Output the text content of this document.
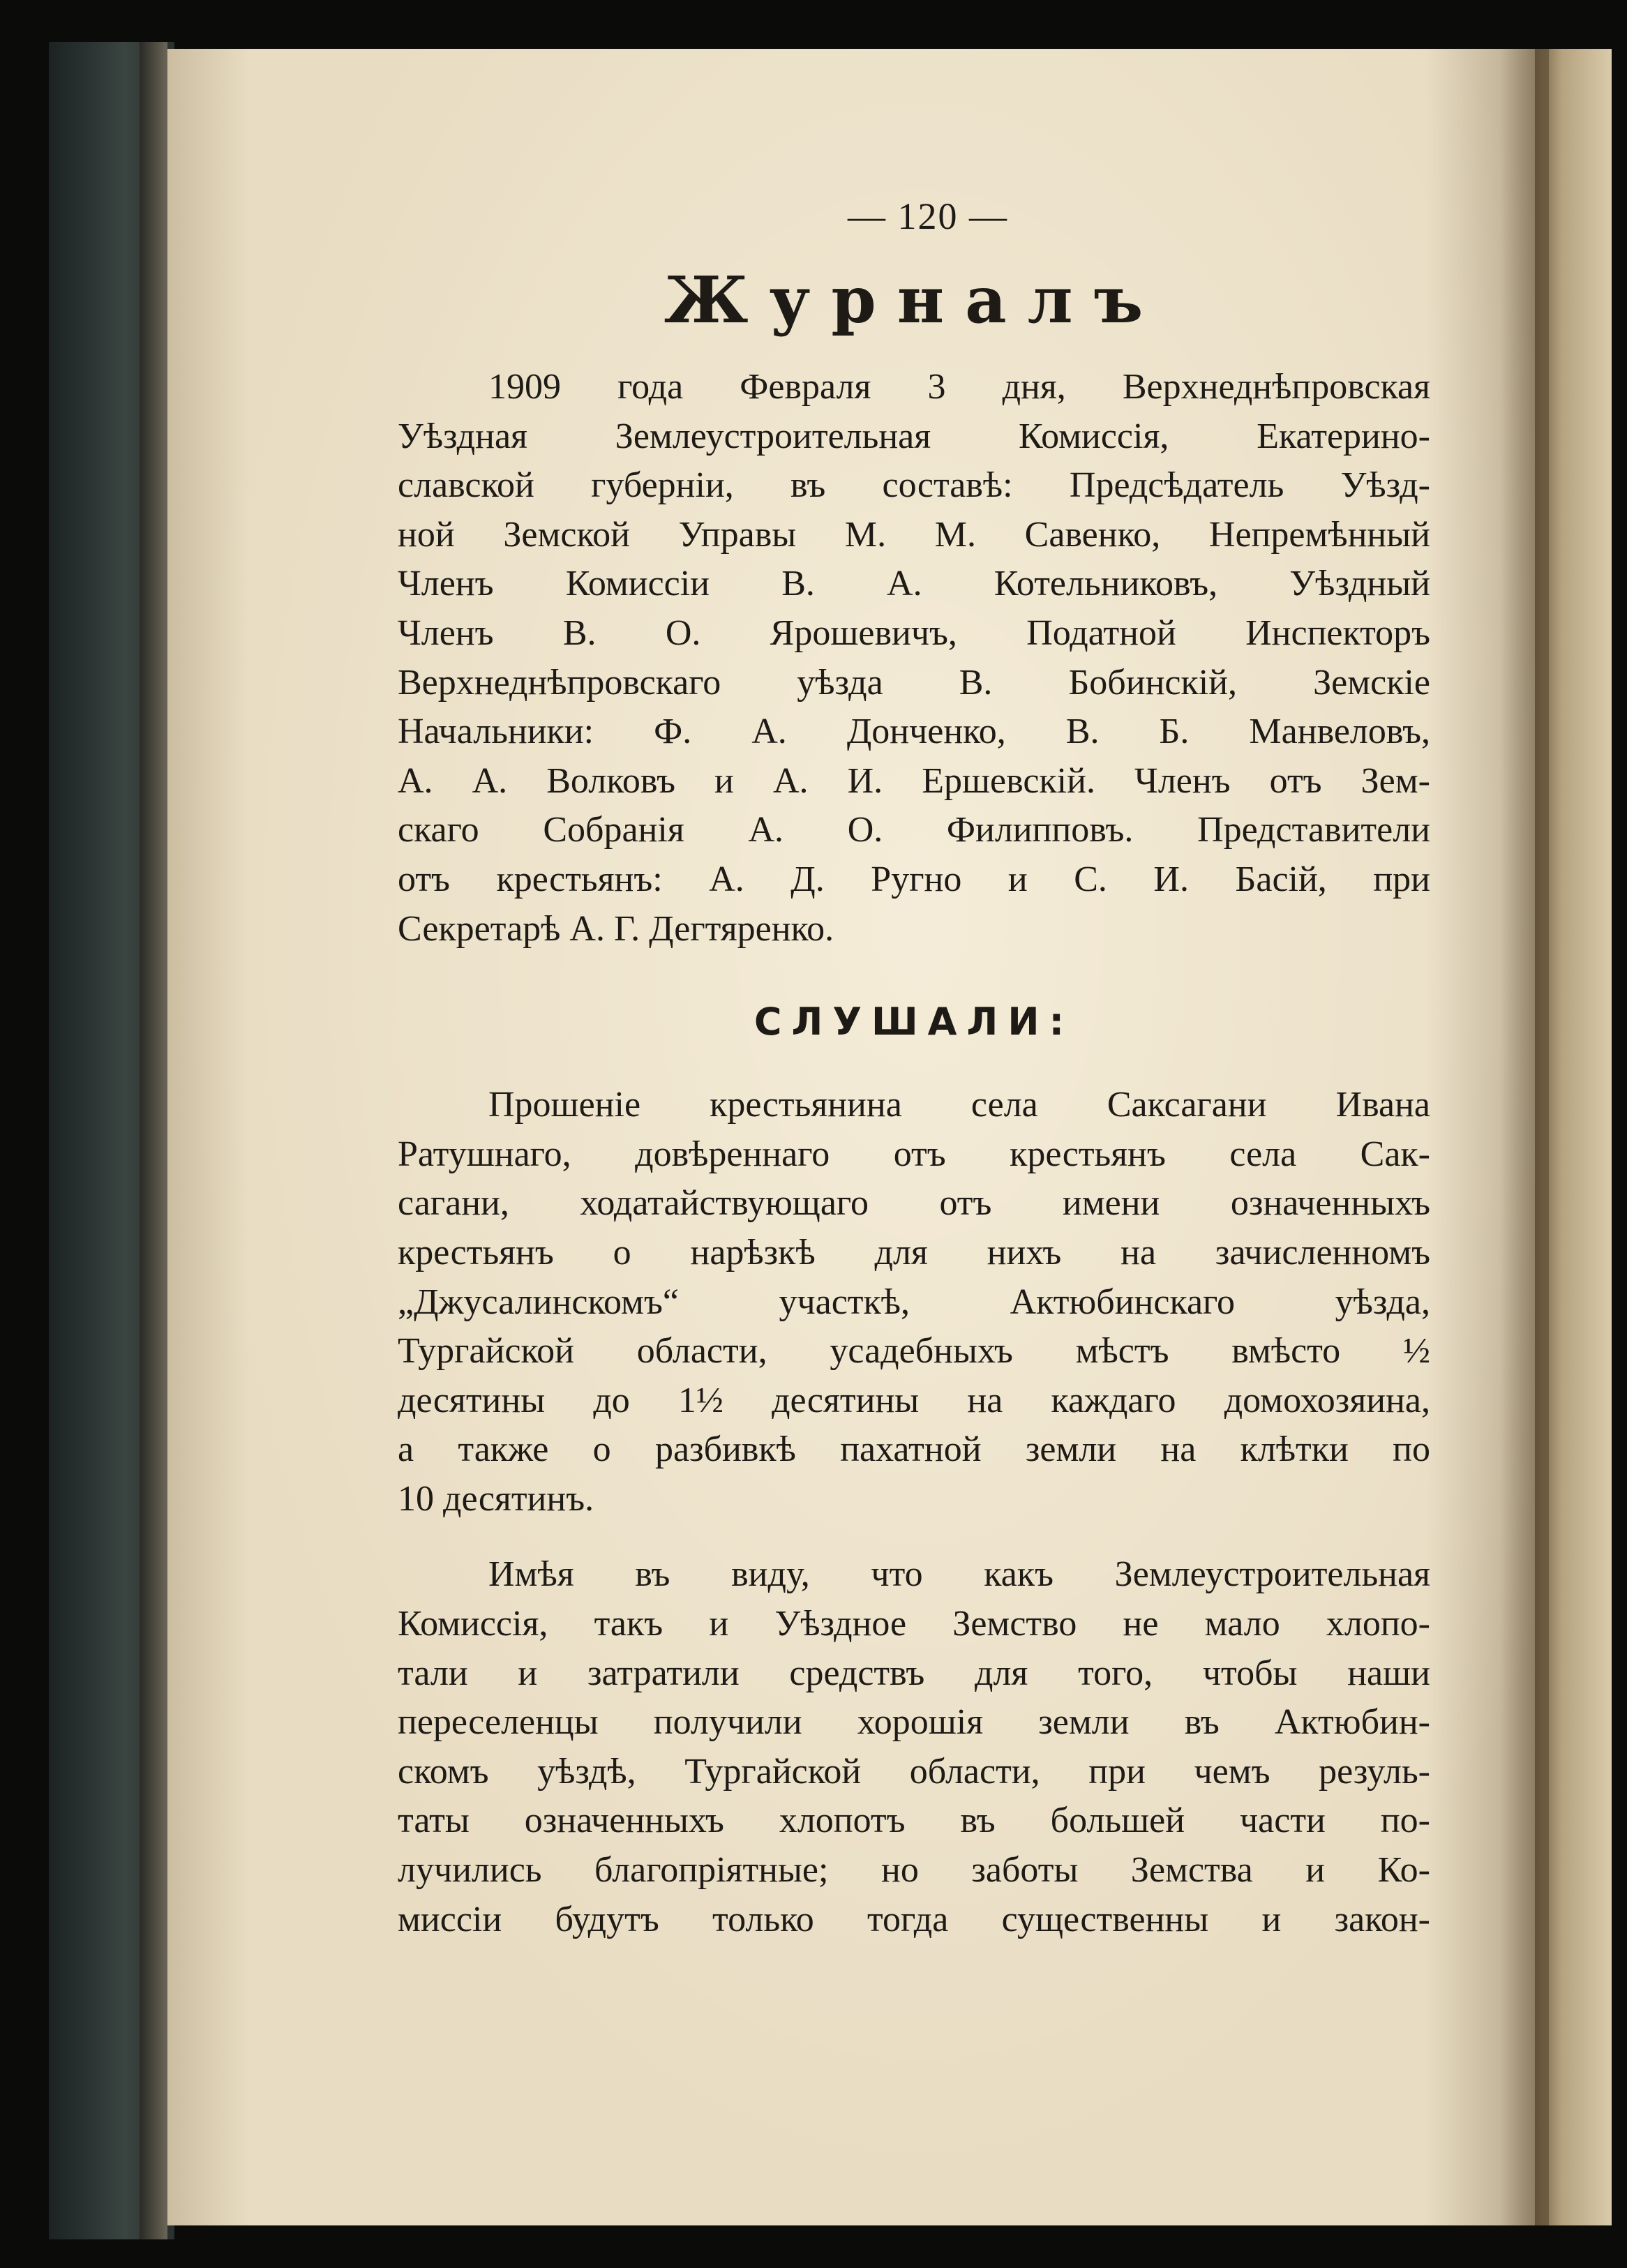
— 120 —
Журналъ

1909 года Февраля 3 дня, Верхнеднѣпровская
Уѣздная Землеустроительная Комиссія, Екатерино-
славской губерніи, въ составѣ: Предсѣдатель Уѣзд-
ной Земской Управы М. М. Савенко, Непремѣнный
Членъ Комиссіи В. А. Котельниковъ, Уѣздный
Членъ В. О. Ярошевичъ, Податной Инспекторъ
Верхнеднѣпровскаго уѣзда В. Бобинскій, Земскіе
Начальники: Ф. А. Донченко, В. Б. Манвеловъ,
А. А. Волковъ и А. И. Ершевскій. Членъ отъ Зем-
скаго Собранія А. О. Филипповъ. Представители
отъ крестьянъ: А. Д. Ругно и С. И. Басій, при
Секретарѣ А. Г. Дегтяренко.

СЛУШАЛИ:

Прошеніе крестьянина села Саксагани Ивана
Ратушнаго, довѣреннаго отъ крестьянъ села Сак-
сагани, ходатайствующаго отъ имени означенныхъ
крестьянъ о нарѣзкѣ для нихъ на зачисленномъ
„Джусалинскомъ“ участкѣ, Актюбинскаго уѣзда,
Тургайской области, усадебныхъ мѣстъ вмѣсто ½
десятины до 1½ десятины на каждаго домохозяина,
а также о разбивкѣ пахатной земли на клѣтки по
10 десятинъ.

Имѣя въ виду, что какъ Землеустроительная
Комиссія, такъ и Уѣздное Земство не мало хлопо-
тали и затратили средствъ для того, чтобы наши
переселенцы получили хорошія земли въ Актюбин-
скомъ уѣздѣ, Тургайской области, при чемъ резуль-
таты означенныхъ хлопотъ въ большей части по-
лучились благопріятные; но заботы Земства и Ко-
миссіи будутъ только тогда существенны и закон-
